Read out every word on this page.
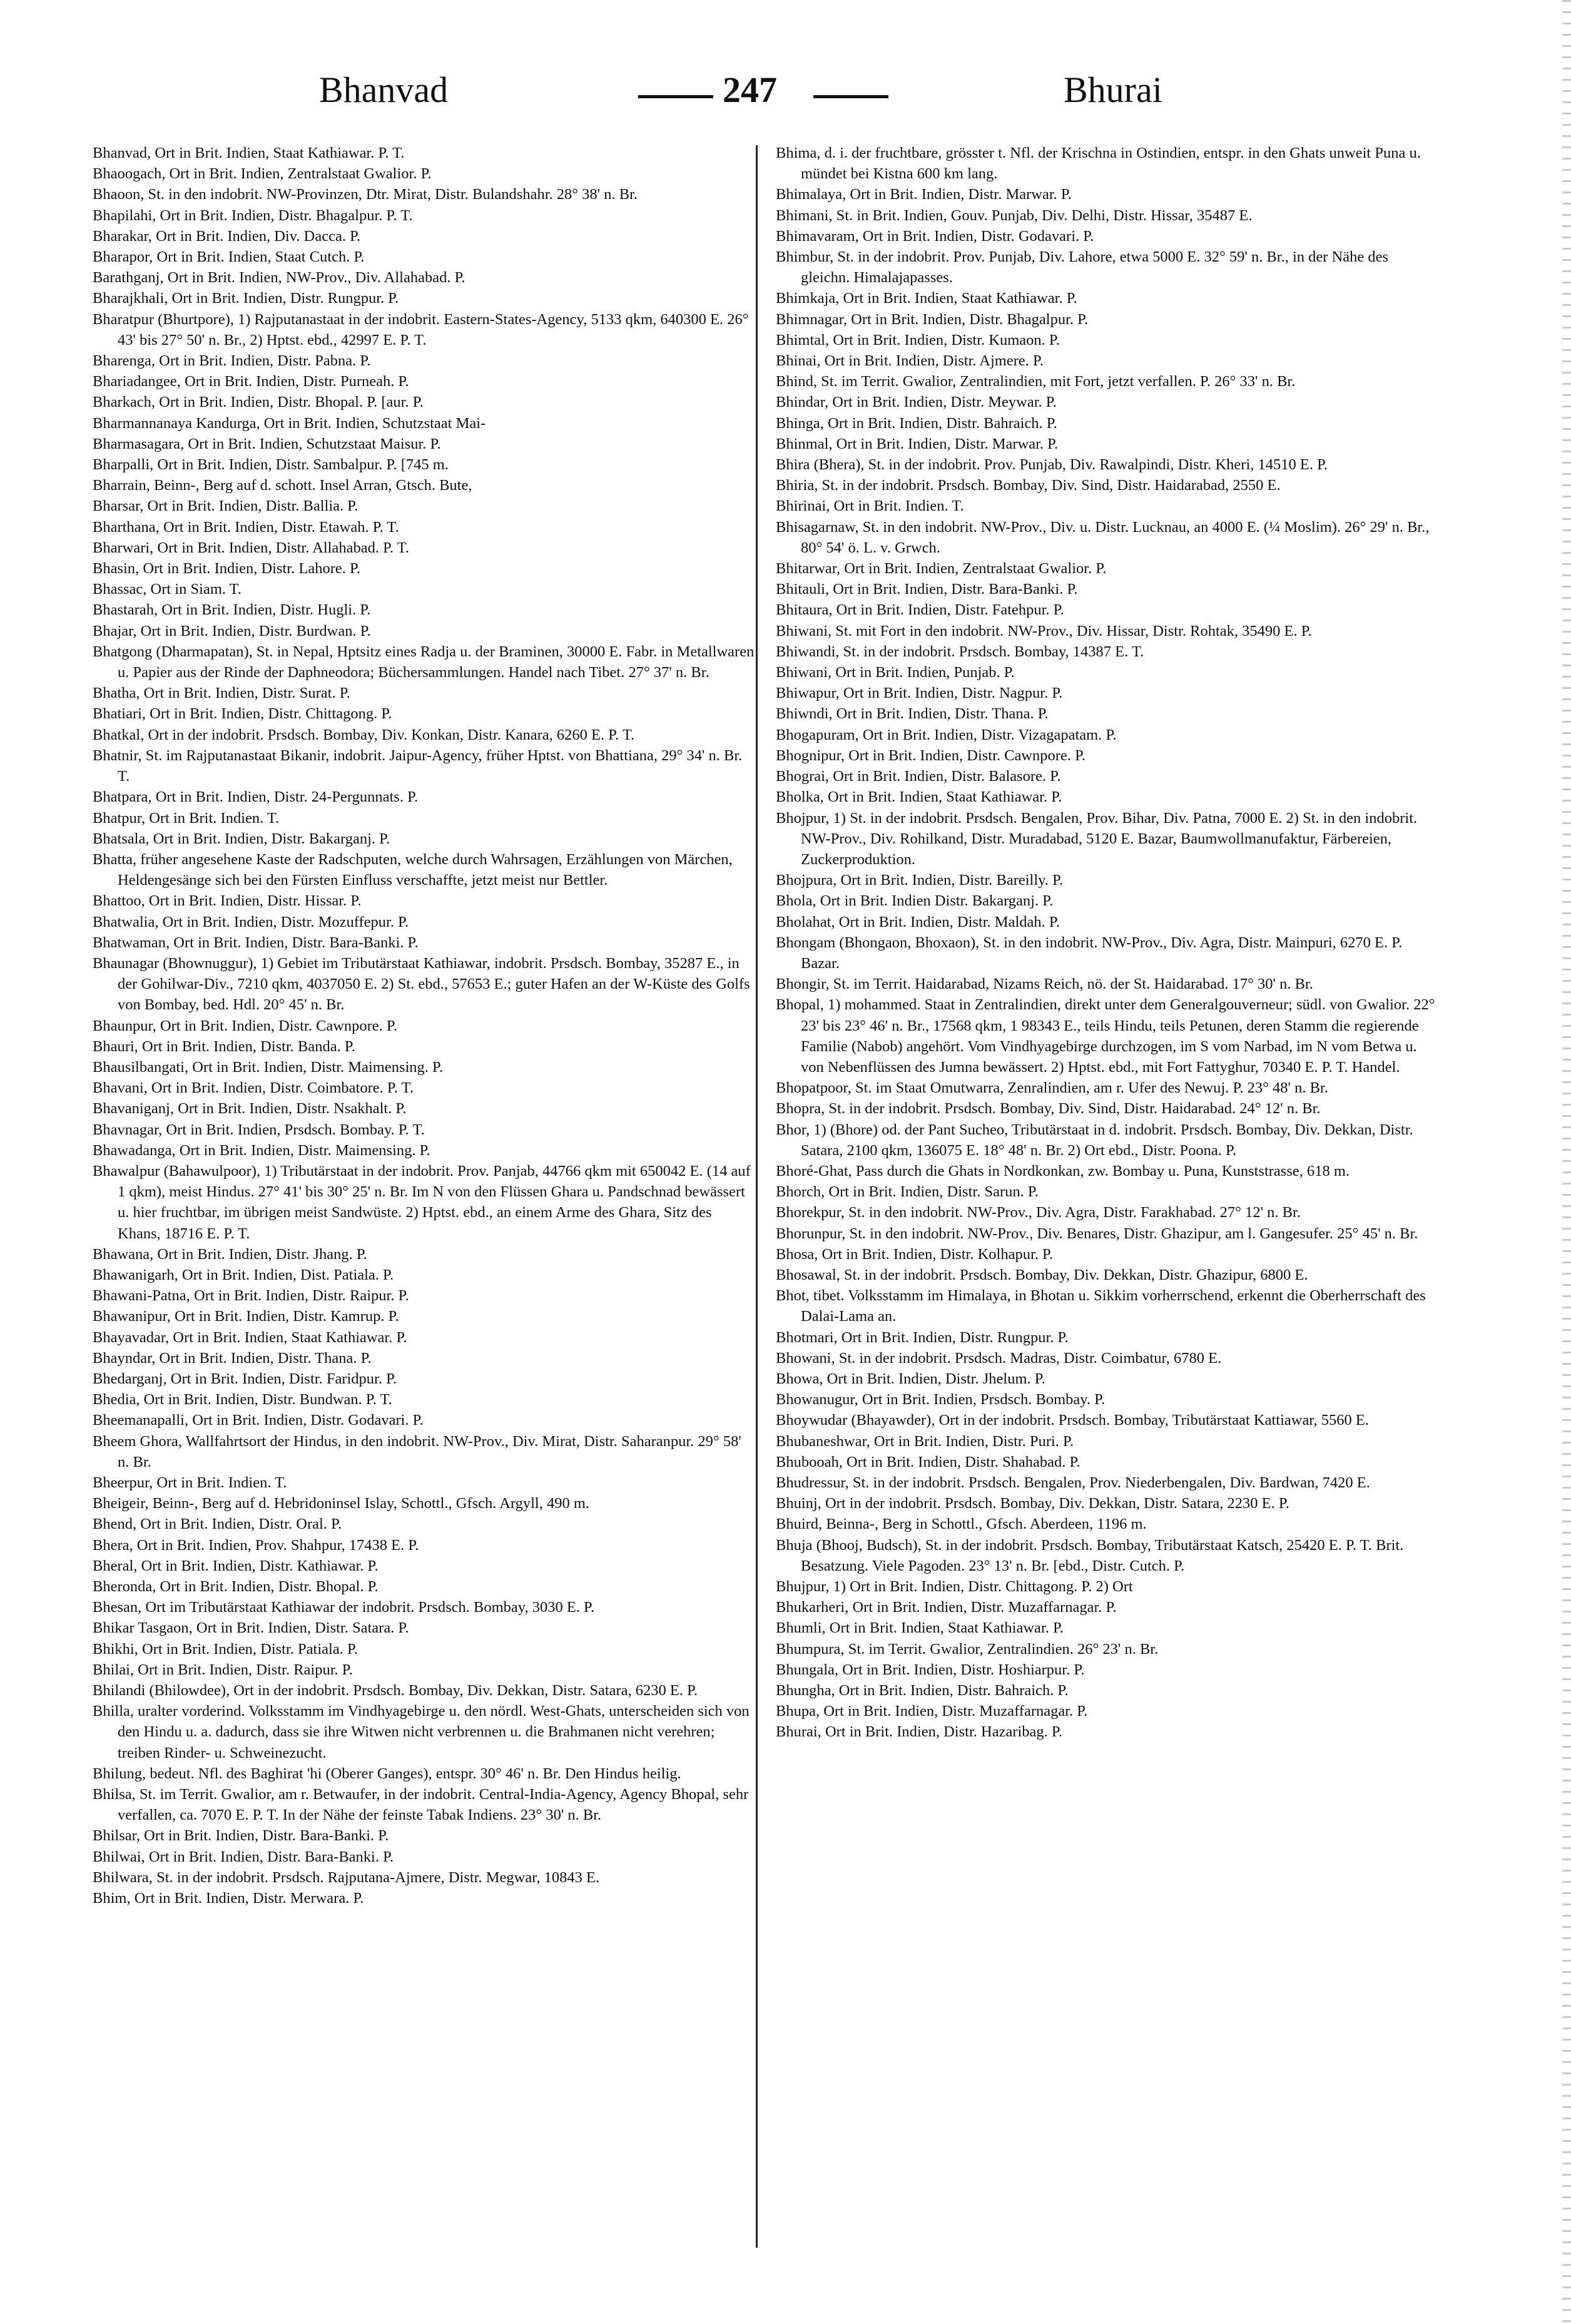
Bhanvad	247	Bhurai

Bhanvad, Ort in Brit. Indien, Staat Kathiawar. P. T.

Bhaoogach, Ort in Brit. Indien, Zentralstaat Gwalior. P.

Bhaoon, St. in den indobrit. NW-Provinzen, Dtr. Mirat, Distr. Bulandshahr. 28° 38' n. Br.

Bhapilahi, Ort in Brit. Indien, Distr. Bhagalpur. P. T.

Bharakar, Ort in Brit. Indien, Div. Dacca. P.

Bharapor, Ort in Brit. Indien, Staat Cutch. P.

Barathganj, Ort in Brit. Indien, NW-Prov., Div. Allahabad. P.

Bharajkhali, Ort in Brit. Indien, Distr. Rungpur. P.

Bharatpur (Bhurtpore), 1) Rajputanastaat in der indobrit. Eastern-States-Agency, 5133 qkm, 640300 E. 26° 43' bis 27° 50' n. Br., 2) Hptst. ebd., 42997 E. P. T.

Bharenga, Ort in Brit. Indien, Distr. Pabna. P.

Bhariadangee, Ort in Brit. Indien, Distr. Purneah. P.

Bharkach, Ort in Brit. Indien, Distr. Bhopal. P. [aur. P.

Bharmannanaya Kandurga, Ort in Brit. Indien, Schutzstaat Mai-

Bharmasagara, Ort in Brit. Indien, Schutzstaat Maisur. P.

Bharpalli, Ort in Brit. Indien, Distr. Sambalpur. P. [745 m.

Bharrain, Beinn-, Berg auf d. schott. Insel Arran, Gtsch. Bute,

Bharsar, Ort in Brit. Indien, Distr. Ballia. P.

Bharthana, Ort in Brit. Indien, Distr. Etawah. P. T.

Bharwari, Ort in Brit. Indien, Distr. Allahabad. P. T.

Bhasin, Ort in Brit. Indien, Distr. Lahore. P.

Bhassac, Ort in Siam. T.

Bhastarah, Ort in Brit. Indien, Distr. Hugli. P.

Bhajar, Ort in Brit. Indien, Distr. Burdwan. P.

Bhatgong (Dharmapatan), St. in Nepal, Hptsitz eines Radja u. der Braminen, 30000 E. Fabr. in Metallwaren u. Papier aus der Rinde der Daphneodora; Büchersammlungen. Handel nach Tibet. 27° 37' n. Br.

Bhatha, Ort in Brit. Indien, Distr. Surat. P.

Bhatiari, Ort in Brit. Indien, Distr. Chittagong. P.

Bhatkal, Ort in der indobrit. Prsdsch. Bombay, Div. Konkan, Distr. Kanara, 6260 E. P. T.

Bhatnir, St. im Rajputanastaat Bikanir, indobrit. Jaipur-Agency, früher Hptst. von Bhattiana, 29° 34' n. Br. T.

Bhatpara, Ort in Brit. Indien, Distr. 24-Pergunnats. P.

Bhatpur, Ort in Brit. Indien. T.

Bhatsala, Ort in Brit. Indien, Distr. Bakarganj. P.

Bhatta, früher angesehene Kaste der Radschputen, welche durch Wahrsagen, Erzählungen von Märchen, Heldengesänge sich bei den Fürsten Einfluss verschaffte, jetzt meist nur Bettler.

Bhattoo, Ort in Brit. Indien, Distr. Hissar. P.

Bhatwalia, Ort in Brit. Indien, Distr. Mozuffepur. P.

Bhatwaman, Ort in Brit. Indien, Distr. Bara-Banki. P.

Bhaunagar (Bhownuggur), 1) Gebiet im Tributärstaat Kathiawar, indobrit. Prsdsch. Bombay, 35287 E., in der Gohilwar-Div., 7210 qkm, 4037050 E. 2) St. ebd., 57653 E.; guter Hafen an der W-Küste des Golfs von Bombay, bed. Hdl. 20° 45' n. Br.

Bhaunpur, Ort in Brit. Indien, Distr. Cawnpore. P.

Bhauri, Ort in Brit. Indien, Distr. Banda. P.

Bhausilbangati, Ort in Brit. Indien, Distr. Maimensing. P.

Bhavani, Ort in Brit. Indien, Distr. Coimbatore. P. T.

Bhavaniganj, Ort in Brit. Indien, Distr. Nsakhalt. P.

Bhavnagar, Ort in Brit. Indien, Prsdsch. Bombay. P. T.

Bhawadanga, Ort in Brit. Indien, Distr. Maimensing. P.

Bhawalpur (Bahawulpoor), 1) Tributärstaat in der indobrit. Prov. Panjab, 44766 qkm mit 650042 E. (14 auf 1 qkm), meist Hindus. 27° 41' bis 30° 25' n. Br. Im N von den Flüssen Ghara u. Pandschnad bewässert u. hier fruchtbar, im übrigen meist Sandwüste. 2) Hptst. ebd., an einem Arme des Ghara, Sitz des Khans, 18716 E. P. T.

Bhawana, Ort in Brit. Indien, Distr. Jhang. P.

Bhawanigarh, Ort in Brit. Indien, Dist. Patiala. P.

Bhawani-Patna, Ort in Brit. Indien, Distr. Raipur. P.

Bhawanipur, Ort in Brit. Indien, Distr. Kamrup. P.

Bhayavadar, Ort in Brit. Indien, Staat Kathiawar. P.

Bhayndar, Ort in Brit. Indien, Distr. Thana. P.

Bhedarganj, Ort in Brit. Indien, Distr. Faridpur. P.

Bhedia, Ort in Brit. Indien, Distr. Bundwan. P. T.

Bheemanapalli, Ort in Brit. Indien, Distr. Godavari. P.

Bheem Ghora, Wallfahrtsort der Hindus, in den indobrit. NW-Prov., Div. Mirat, Distr. Saharanpur. 29° 58' n. Br.

Bheerpur, Ort in Brit. Indien. T.

Bheigeir, Beinn-, Berg auf d. Hebridoninsel Islay, Schottl., Gfsch. Argyll, 490 m.

Bhend, Ort in Brit. Indien, Distr. Oral. P.

Bhera, Ort in Brit. Indien, Prov. Shahpur, 17438 E. P.

Bheral, Ort in Brit. Indien, Distr. Kathiawar. P.

Bheronda, Ort in Brit. Indien, Distr. Bhopal. P.

Bhesan, Ort im Tributärstaat Kathiawar der indobrit. Prsdsch. Bombay, 3030 E. P.

Bhikar Tasgaon, Ort in Brit. Indien, Distr. Satara. P.

Bhikhi, Ort in Brit. Indien, Distr. Patiala. P.

Bhilai, Ort in Brit. Indien, Distr. Raipur. P.

Bhilandi (Bhilowdee), Ort in der indobrit. Prsdsch. Bombay, Div. Dekkan, Distr. Satara, 6230 E. P.

Bhilla, uralter vorderind. Volksstamm im Vindhyagebirge u. den nördl. West-Ghats, unterscheiden sich von den Hindu u. a. dadurch, dass sie ihre Witwen nicht verbrennen u. die Brahmanen nicht verehren; treiben Rinder- u. Schweinezucht.

Bhilung, bedeut. Nfl. des Baghirat 'hi (Oberer Ganges), entspr. 30° 46' n. Br. Den Hindus heilig.

Bhilsa, St. im Territ. Gwalior, am r. Betwaufer, in der indobrit. Central-India-Agency, Agency Bhopal, sehr verfallen, ca. 7070 E. P. T. In der Nähe der feinste Tabak Indiens. 23° 30' n. Br.

Bhilsar, Ort in Brit. Indien, Distr. Bara-Banki. P.

Bhilwai, Ort in Brit. Indien, Distr. Bara-Banki. P.

Bhilwara, St. in der indobrit. Prsdsch. Rajputana-Ajmere, Distr. Megwar, 10843 E.

Bhim, Ort in Brit. Indien, Distr. Merwara. P.

Bhima, d. i. der fruchtbare, grösster t. Nfl. der Krischna in Ostindien, entspr. in den Ghats unweit Puna u. mündet bei Kistna 600 km lang.

Bhimalaya, Ort in Brit. Indien, Distr. Marwar. P.

Bhimani, St. in Brit. Indien, Gouv. Punjab, Div. Delhi, Distr. Hissar, 35487 E.

Bhimavaram, Ort in Brit. Indien, Distr. Godavari. P.

Bhimbur, St. in der indobrit. Prov. Punjab, Div. Lahore, etwa 5000 E. 32° 59' n. Br., in der Nähe des gleichn. Himalajapasses.

Bhimkaja, Ort in Brit. Indien, Staat Kathiawar. P.

Bhimnagar, Ort in Brit. Indien, Distr. Bhagalpur. P.

Bhimtal, Ort in Brit. Indien, Distr. Kumaon. P.

Bhinai, Ort in Brit. Indien, Distr. Ajmere. P.

Bhind, St. im Territ. Gwalior, Zentralindien, mit Fort, jetzt verfallen. P. 26° 33' n. Br.

Bhindar, Ort in Brit. Indien, Distr. Meywar. P.

Bhinga, Ort in Brit. Indien, Distr. Bahraich. P.

Bhinmal, Ort in Brit. Indien, Distr. Marwar. P.

Bhira (Bhera), St. in der indobrit. Prov. Punjab, Div. Rawalpindi, Distr. Kheri, 14510 E. P.

Bhiria, St. in der indobrit. Prsdsch. Bombay, Div. Sind, Distr. Haidarabad, 2550 E.

Bhirinai, Ort in Brit. Indien. T.

Bhisagarnaw, St. in den indobrit. NW-Prov., Div. u. Distr. Lucknau, an 4000 E. (¼ Moslim). 26° 29' n. Br., 80° 54' ö. L. v. Grwch.

Bhitarwar, Ort in Brit. Indien, Zentralstaat Gwalior. P.

Bhitauli, Ort in Brit. Indien, Distr. Bara-Banki. P.

Bhitaura, Ort in Brit. Indien, Distr. Fatehpur. P.

Bhiwani, St. mit Fort in den indobrit. NW-Prov., Div. Hissar, Distr. Rohtak, 35490 E. P.

Bhiwandi, St. in der indobrit. Prsdsch. Bombay, 14387 E. T.

Bhiwani, Ort in Brit. Indien, Punjab. P.

Bhiwapur, Ort in Brit. Indien, Distr. Nagpur. P.

Bhiwndi, Ort in Brit. Indien, Distr. Thana. P.

Bhogapuram, Ort in Brit. Indien, Distr. Vizagapatam. P.

Bhognipur, Ort in Brit. Indien, Distr. Cawnpore. P.

Bhograi, Ort in Brit. Indien, Distr. Balasore. P.

Bholka, Ort in Brit. Indien, Staat Kathiawar. P.

Bhojpur, 1) St. in der indobrit. Prsdsch. Bengalen, Prov. Bihar, Div. Patna, 7000 E. 2) St. in den indobrit. NW-Prov., Div. Rohilkand, Distr. Muradabad, 5120 E. Bazar, Baumwollmanufaktur, Färbereien, Zuckerproduktion.

Bhojpura, Ort in Brit. Indien, Distr. Bareilly. P.

Bhola, Ort in Brit. Indien Distr. Bakarganj. P.

Bholahat, Ort in Brit. Indien, Distr. Maldah. P.

Bhongam (Bhongaon, Bhoxaon), St. in den indobrit. NW-Prov., Div. Agra, Distr. Mainpuri, 6270 E. P. Bazar.

Bhongir, St. im Territ. Haidarabad, Nizams Reich, nö. der St. Haidarabad. 17° 30' n. Br.

Bhopal, 1) mohammed. Staat in Zentralindien, direkt unter dem Generalgouverneur; südl. von Gwalior. 22° 23' bis 23° 46' n. Br., 17568 qkm, 1 98343 E., teils Hindu, teils Petunen, deren Stamm die regierende Familie (Nabob) angehört. Vom Vindhyagebirge durchzogen, im S vom Narbad, im N vom Betwa u. von Nebenflüssen des Jumna bewässert. 2) Hptst. ebd., mit Fort Fattyghur, 70340 E. P. T. Handel.

Bhopatpoor, St. im Staat Omutwarra, Zenralindien, am r. Ufer des Newuj. P. 23° 48' n. Br.

Bhopra, St. in der indobrit. Prsdsch. Bombay, Div. Sind, Distr. Haidarabad. 24° 12' n. Br.

Bhor, 1) (Bhore) od. der Pant Sucheo, Tributärstaat in d. indobrit. Prsdsch. Bombay, Div. Dekkan, Distr. Satara, 2100 qkm, 136075 E. 18° 48' n. Br. 2) Ort ebd., Distr. Poona. P.

Bhoré-Ghat, Pass durch die Ghats in Nordkonkan, zw. Bombay u. Puna, Kunststrasse, 618 m.

Bhorch, Ort in Brit. Indien, Distr. Sarun. P.

Bhorekpur, St. in den indobrit. NW-Prov., Div. Agra, Distr. Farakhabad. 27° 12' n. Br.

Bhorunpur, St. in den indobrit. NW-Prov., Div. Benares, Distr. Ghazipur, am l. Gangesufer. 25° 45' n. Br.

Bhosa, Ort in Brit. Indien, Distr. Kolhapur. P.

Bhosawal, St. in der indobrit. Prsdsch. Bombay, Div. Dekkan, Distr. Ghazipur, 6800 E.

Bhot, tibet. Volksstamm im Himalaya, in Bhotan u. Sikkim vorherrschend, erkennt die Oberherrschaft des Dalai-Lama an.

Bhotmari, Ort in Brit. Indien, Distr. Rungpur. P.

Bhowani, St. in der indobrit. Prsdsch. Madras, Distr. Coimbatur, 6780 E.

Bhowa, Ort in Brit. Indien, Distr. Jhelum. P.

Bhowanugur, Ort in Brit. Indien, Prsdsch. Bombay. P.

Bhoywudar (Bhayawder), Ort in der indobrit. Prsdsch. Bombay, Tributärstaat Kattiawar, 5560 E.

Bhubaneshwar, Ort in Brit. Indien, Distr. Puri. P.

Bhubooah, Ort in Brit. Indien, Distr. Shahabad. P.

Bhudressur, St. in der indobrit. Prsdsch. Bengalen, Prov. Niederbengalen, Div. Bardwan, 7420 E.

Bhuinj, Ort in der indobrit. Prsdsch. Bombay, Div. Dekkan, Distr. Satara, 2230 E. P.

Bhuird, Beinna-, Berg in Schottl., Gfsch. Aberdeen, 1196 m.

Bhuja (Bhooj, Budsch), St. in der indobrit. Prsdsch. Bombay, Tributärstaat Katsch, 25420 E. P. T. Brit. Besatzung. Viele Pagoden. 23° 13' n. Br. [ebd., Distr. Cutch. P.

Bhujpur, 1) Ort in Brit. Indien, Distr. Chittagong. P. 2) Ort

Bhukarheri, Ort in Brit. Indien, Distr. Muzaffarnagar. P.

Bhumli, Ort in Brit. Indien, Staat Kathiawar. P.

Bhumpura, St. im Territ. Gwalior, Zentralindien. 26° 23' n. Br.

Bhungala, Ort in Brit. Indien, Distr. Hoshiarpur. P.

Bhungha, Ort in Brit. Indien, Distr. Bahraich. P.

Bhupa, Ort in Brit. Indien, Distr. Muzaffarnagar. P.

Bhurai, Ort in Brit. Indien, Distr. Hazaribag. P.
